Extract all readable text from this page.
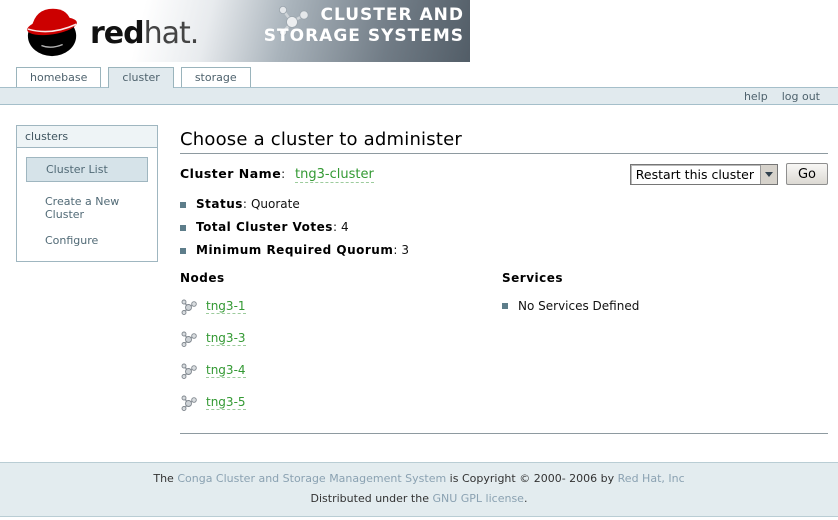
redhat.
CLUSTER AND
STORAGE SYSTEMS
homebase	cluster	storage
help log out
clusters
Cluster List
Create a New Cluster
Configure
Choose a cluster to administer
Cluster Name: tng3-cluster	Restart this cluster	Go
Status : Quorate
Total Cluster Votes : 4
Minimum Required Quorum : 3
Nodes
tng3-1
tng3-3
tng3-4
tng3-5
Services
No Services Defined
The Conga Cluster and Storage Management System is Copyright © 2000- 2006 by Red Hat, Inc
Distributed under the GNU GPL license.
